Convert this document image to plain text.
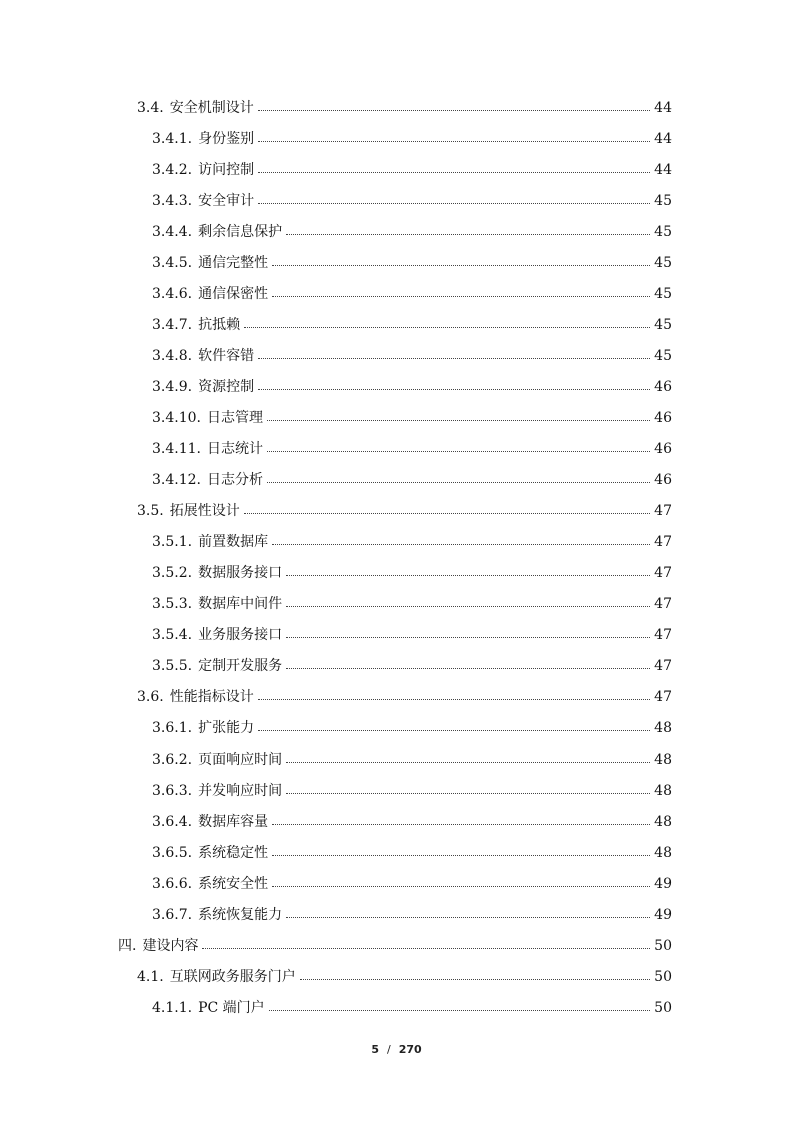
3.4. 安全机制设计	44
3.4.1. 身份鉴别	44
3.4.2. 访问控制	44
3.4.3. 安全审计	45
3.4.4. 剩余信息保护	45
3.4.5. 通信完整性	45
3.4.6. 通信保密性	45
3.4.7. 抗抵赖	45
3.4.8. 软件容错	45
3.4.9. 资源控制	46
3.4.10. 日志管理	46
3.4.11. 日志统计	46
3.4.12. 日志分析	46
3.5. 拓展性设计	47
3.5.1. 前置数据库	47
3.5.2. 数据服务接口	47
3.5.3. 数据库中间件	47
3.5.4. 业务服务接口	47
3.5.5. 定制开发服务	47
3.6. 性能指标设计	47
3.6.1. 扩张能力	48
3.6.2. 页面响应时间	48
3.6.3. 并发响应时间	48
3.6.4. 数据库容量	48
3.6.5. 系统稳定性	48
3.6.6. 系统安全性	49
3.6.7. 系统恢复能力	49
四. 建设内容	50
4.1. 互联网政务服务门户	50
4.1.1. PC 端门户	50
5 / 270
